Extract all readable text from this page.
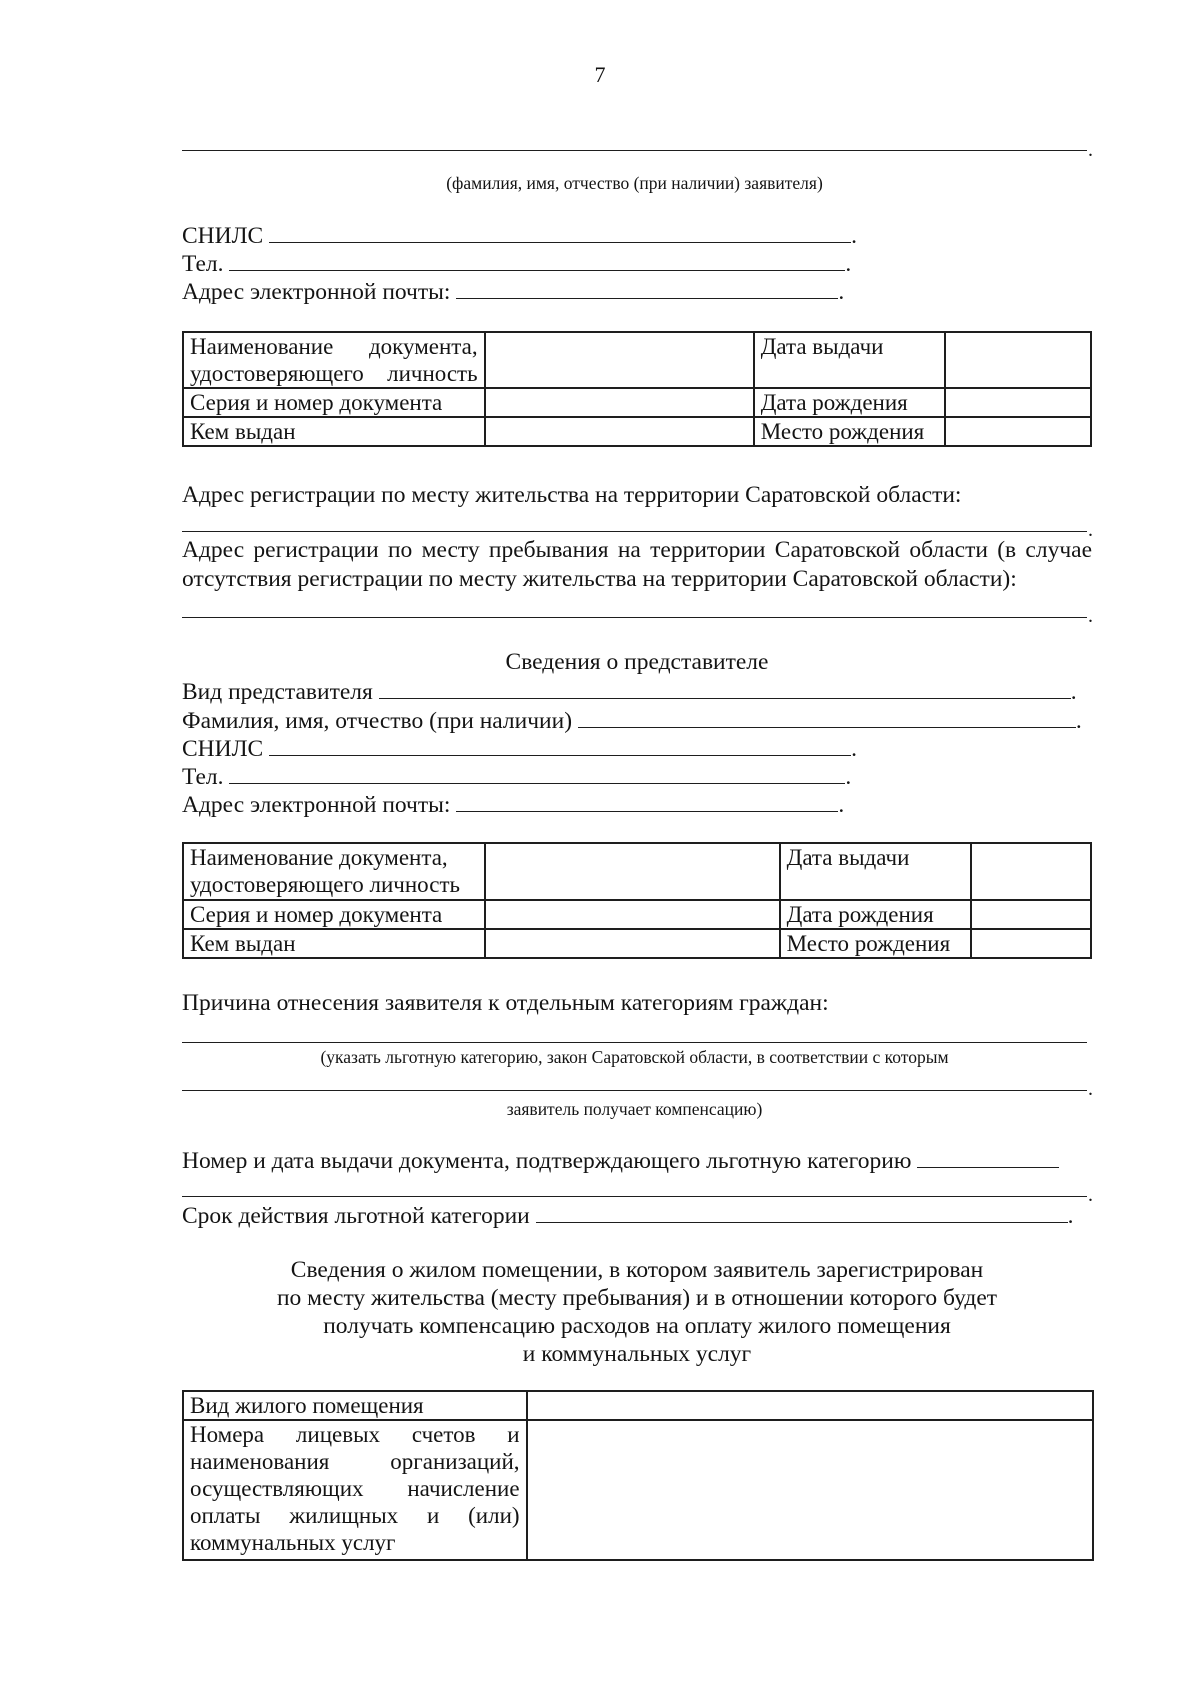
7
.
(фамилия, имя, отчество (при наличии) заявителя)
СНИЛС	.
Тел.	.
Адрес электронной почты:	.
Наименование документа, удостоверяющего личность		Дата выдачи	
Серия и номер документа		Дата рождения	
Кем выдан		Место рождения	
Адрес регистрации по месту жительства на территории Саратовской области:
.
Адрес регистрации по месту пребывания на территории Саратовской области (в случае отсутствия регистрации по месту жительства на территории Саратовской области):
.
Сведения о представителе
Вид представителя	.
Фамилия, имя, отчество (при наличии)	.
СНИЛС	.
Тел.	.
Адрес электронной почты:	.
Наименование документа, удостоверяющего личность		Дата выдачи	
Серия и номер документа		Дата рождения	
Кем выдан		Место рождения	
Причина отнесения заявителя к отдельным категориям граждан:
(указать льготную категорию, закон Саратовской области, в соответствии с которым
.
заявитель получает компенсацию)
Номер и дата выдачи документа, подтверждающего льготную категорию
.
Срок действия льготной категории	.
Сведения о жилом помещении, в котором заявитель зарегистрирован
по месту жительства (месту пребывания) и в отношении которого будет
получать компенсацию расходов на оплату жилого помещения
и коммунальных услуг
Вид жилого помещения	
Номера лицевых счетов и наименования организаций, осуществляющих начисление оплаты жилищных и (или) коммунальных услуг	
